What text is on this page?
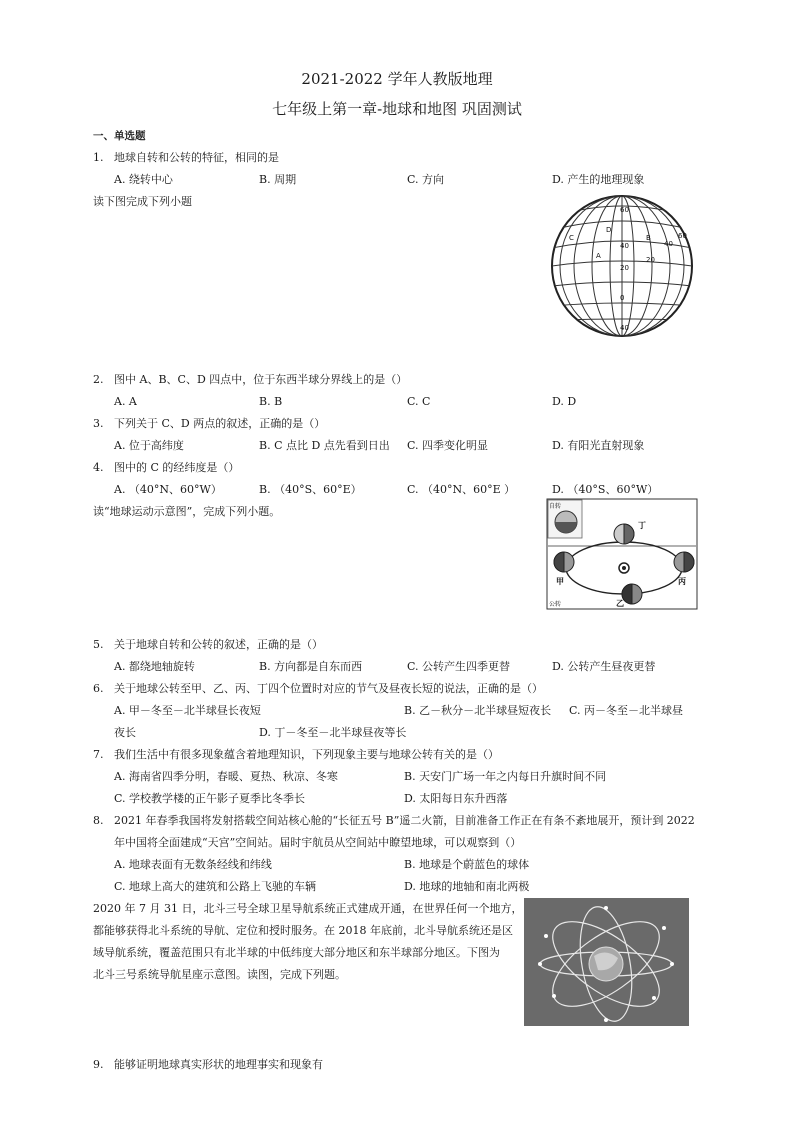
2021-2022 学年人教版地理
七年级上第一章-地球和地图 巩固测试
一、单选题
1. 地球自转和公转的特征，相同的是
A. 绕转中心	B. 周期	C. 方向	D. 产生的地理现象
读下图完成下列小题
C
A
B
D
60
40
20
0
40
20
40
60
2. 图中 A、B、C、D 四点中，位于东西半球分界线上的是（）
A. A	B. B	C. C	D. D
3. 下列关于 C、D 两点的叙述，正确的是（）
A. 位于高纬度	B. C 点比 D 点先看到日出 C. 四季变化明显	D. 有阳光直射现象
4. 图中的 C 的经纬度是（）
A. （40°N、60°W）	B. （40°S、60°E）	C. （40°N、60°E ）	D. （40°S、60°W）
读“地球运动示意图”，完成下列小题。	自转
公转
甲
乙
丙
丁
5. 关于地球自转和公转的叙述，正确的是（）
A. 都绕地轴旋转	B. 方向都是自东而西	C. 公转产生四季更替	D. 公转产生昼夜更替
6. 关于地球公转至甲、乙、丙、丁四个位置时对应的节气及昼夜长短的说法，正确的是（）
A. 甲－冬至－北半球昼长夜短	B. 乙－秋分－北半球昼短夜长 C. 丙－冬至－北半球昼
夜长	D. 丁－冬至－北半球昼夜等长
7. 我们生活中有很多现象蕴含着地理知识，下列现象主要与地球公转有关的是（）
A. 海南省四季分明，春暖、夏热、秋凉、冬寒	B. 天安门广场一年之内每日升旗时间不同
C. 学校教学楼的正午影子夏季比冬季长	D. 太阳每日东升西落
8. 2021 年春季我国将发射搭载空间站核心舱的“长征五号 B”遥二火箭，目前准备工作正在有条不紊地展开，预计到 2022
年中国将全面建成“天宫”空间站。届时宇航员从空间站中瞭望地球，可以观察到（）
A. 地球表面有无数条经线和纬线	B. 地球是个蔚蓝色的球体
C. 地球上高大的建筑和公路上飞驰的车辆	D. 地球的地轴和南北两极
2020 年 7 月 31 日，北斗三号全球卫星导航系统正式建成开通，在世界任何一个地方，
都能够获得北斗系统的导航、定位和授时服务。在 2018 年底前，北斗导航系统还是区
域导航系统，覆盖范围只有北半球的中低纬度大部分地区和东半球部分地区。下图为
北斗三号系统导航星座示意图。读图，完成下列题。
9. 能够证明地球真实形状的地理事实和现象有
